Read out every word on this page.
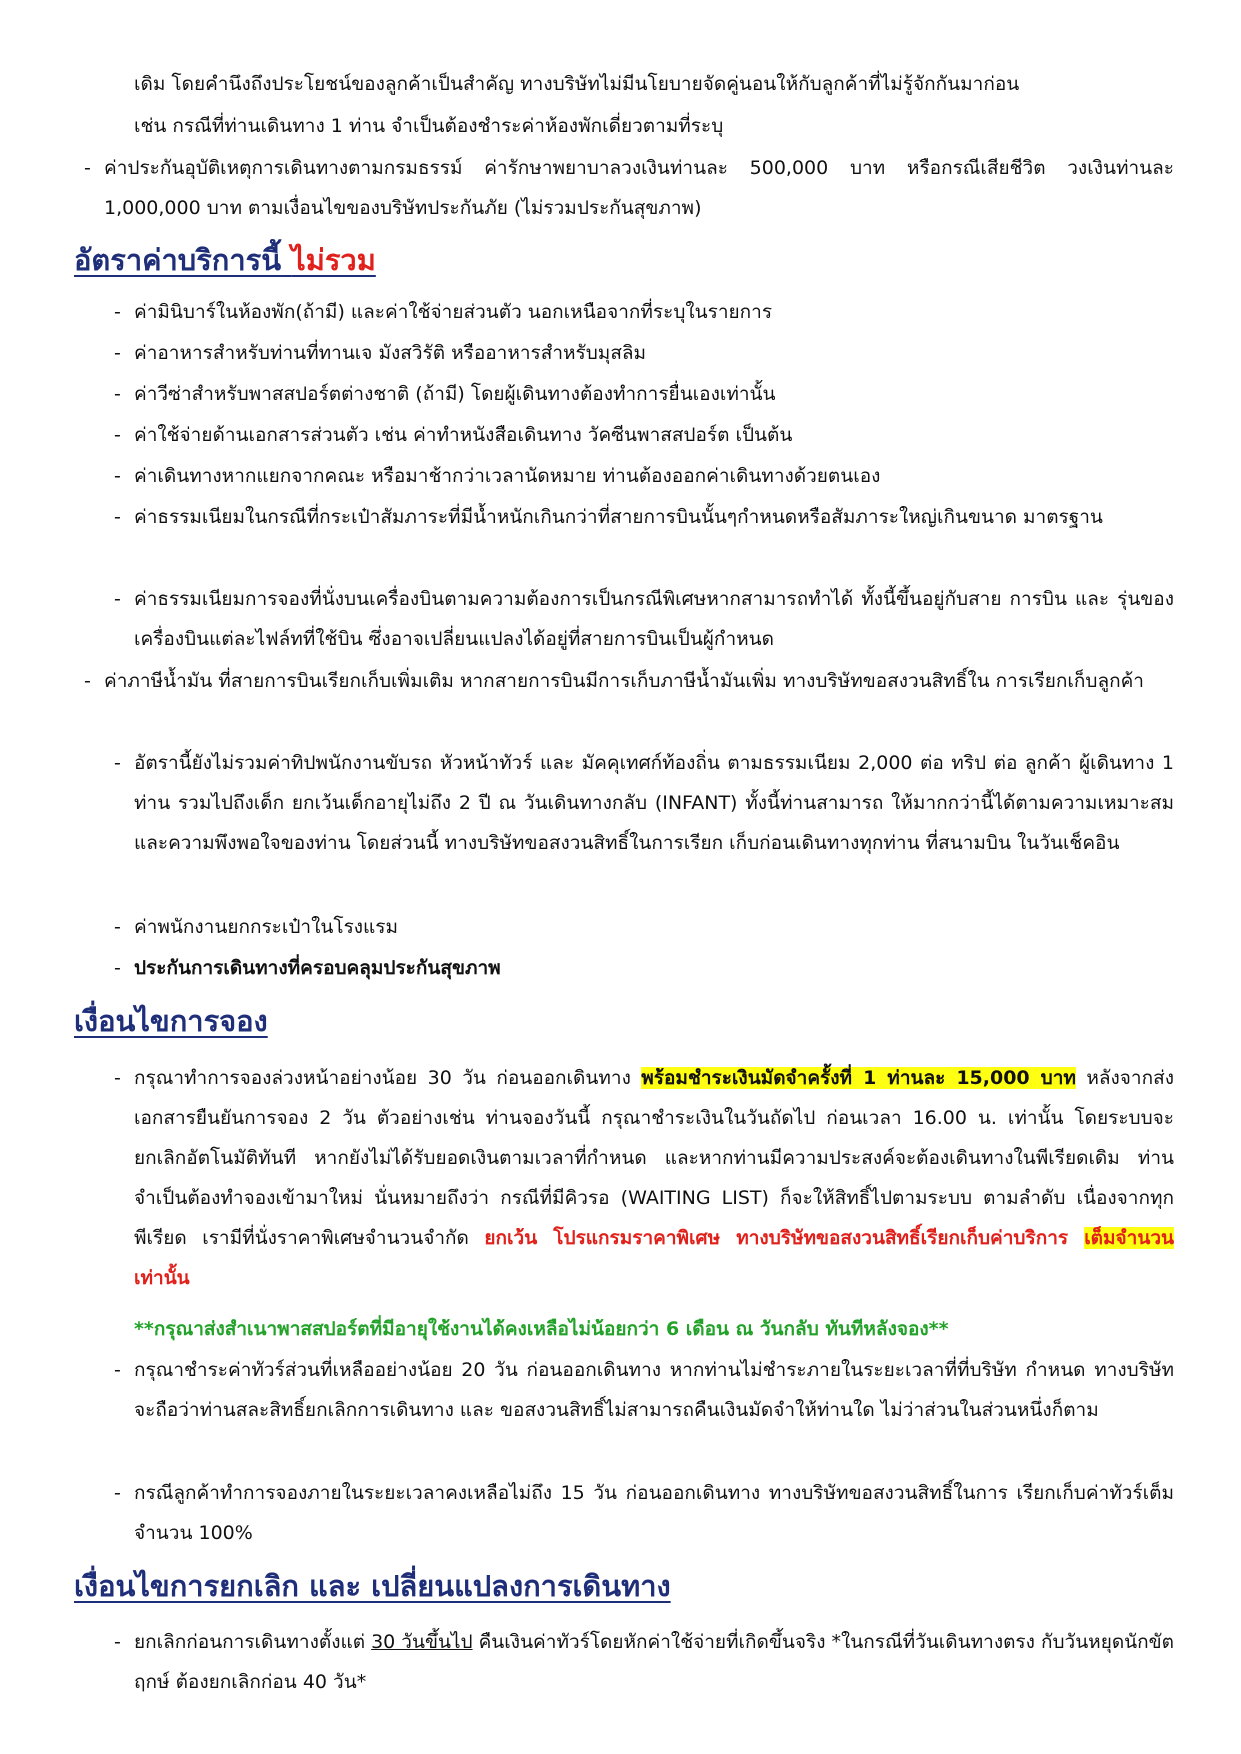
เดิม โดยคำนึงถึงประโยชน์ของลูกค้าเป็นสำคัญ ทางบริษัทไม่มีนโยบายจัดคู่นอนให้กับลูกค้าที่ไม่รู้จักกันมาก่อน
เช่น กรณีที่ท่านเดินทาง 1 ท่าน จำเป็นต้องชำระค่าห้องพักเดี่ยวตามที่ระบุ
- ค่าประกันอุบัติเหตุการเดินทางตามกรมธรรม์ ค่ารักษาพยาบาลวงเงินท่านละ 500,000 บาท หรือกรณีเสียชีวิต วงเงินท่านละ 1,000,000 บาท ตามเงื่อนไขของบริษัทประกันภัย (ไม่รวมประกันสุขภาพ)
อัตราค่าบริการนี้ ไม่รวม
- ค่ามินิบาร์ในห้องพัก(ถ้ามี) และค่าใช้จ่ายส่วนตัว นอกเหนือจากที่ระบุในรายการ
- ค่าอาหารสำหรับท่านที่ทานเจ มังสวิรัติ หรืออาหารสำหรับมุสลิม
- ค่าวีซ่าสำหรับพาสสปอร์ตต่างชาติ (ถ้ามี) โดยผู้เดินทางต้องทำการยื่นเองเท่านั้น
- ค่าใช้จ่ายด้านเอกสารส่วนตัว เช่น ค่าทำหนังสือเดินทาง วัคซีนพาสสปอร์ต เป็นต้น
- ค่าเดินทางหากแยกจากคณะ หรือมาช้ากว่าเวลานัดหมาย ท่านต้องออกค่าเดินทางด้วยตนเอง
- ค่าธรรมเนียมในกรณีที่กระเป๋าสัมภาระที่มีน้ำหนักเกินกว่าที่สายการบินนั้นๆกำหนดหรือสัมภาระใหญ่เกินขนาด มาตรฐาน
- ค่าธรรมเนียมการจองที่นั่งบนเครื่องบินตามความต้องการเป็นกรณีพิเศษหากสามารถทำได้ ทั้งนี้ขึ้นอยู่กับสาย การบิน และ รุ่นของเครื่องบินแต่ละไฟล์ทที่ใช้บิน ซึ่งอาจเปลี่ยนแปลงได้อยู่ที่สายการบินเป็นผู้กำหนด
- ค่าภาษีน้ำมัน ที่สายการบินเรียกเก็บเพิ่มเติม หากสายการบินมีการเก็บภาษีน้ำมันเพิ่ม ทางบริษัทขอสงวนสิทธิ์ใน การเรียกเก็บลูกค้า
- อัตรานี้ยังไม่รวมค่าทิปพนักงานขับรถ หัวหน้าทัวร์ และ มัคคุเทศก์ท้องถิ่น ตามธรรมเนียม 2,000 ต่อ ทริป ต่อ ลูกค้า ผู้เดินทาง 1 ท่าน รวมไปถึงเด็ก ยกเว้นเด็กอายุไม่ถึง 2 ปี ณ วันเดินทางกลับ (INFANT) ทั้งนี้ท่านสามารถ ให้มากกว่านี้ได้ตามความเหมาะสมและความพึงพอใจของท่าน โดยส่วนนี้ ทางบริษัทขอสงวนสิทธิ์ในการเรียก เก็บก่อนเดินทางทุกท่าน ที่สนามบิน ในวันเช็คอิน
- ค่าพนักงานยกกระเป๋าในโรงแรม
- ประกันการเดินทางที่ครอบคลุมประกันสุขภาพ
เงื่อนไขการจอง
- กรุณาทำการจองล่วงหน้าอย่างน้อย 30 วัน ก่อนออกเดินทาง พร้อมชำระเงินมัดจำครั้งที่ 1 ท่านละ 15,000 บาท หลังจากส่งเอกสารยืนยันการจอง 2 วัน ตัวอย่างเช่น ท่านจองวันนี้ กรุณาชำระเงินในวันถัดไป ก่อนเวลา 16.00 น. เท่านั้น โดยระบบจะยกเลิกอัตโนมัติทันที หากยังไม่ได้รับยอดเงินตามเวลาที่กำหนด และหากท่านมีความประสงค์จะต้องเดินทางในพีเรียดเดิม ท่านจำเป็นต้องทำจองเข้ามาใหม่ นั่นหมายถึงว่า กรณีที่มีคิวรอ (WAITING LIST) ก็จะให้สิทธิ์ไปตามระบบ ตามลำดับ เนื่องจากทุกพีเรียด เรามีที่นั่งราคาพิเศษจำนวนจำกัด ยกเว้น โปรแกรมราคาพิเศษ ทางบริษัทขอสงวนสิทธิ์เรียกเก็บค่าบริการ เต็มจำนวน เท่านั้น
**กรุณาส่งสำเนาพาสสปอร์ตที่มีอายุใช้งานได้คงเหลือไม่น้อยกว่า 6 เดือน ณ วันกลับ ทันทีหลังจอง**
- กรุณาชำระค่าทัวร์ส่วนที่เหลืออย่างน้อย 20 วัน ก่อนออกเดินทาง หากท่านไม่ชำระภายในระยะเวลาที่ที่บริษัท กำหนด ทางบริษัทจะถือว่าท่านสละสิทธิ์ยกเลิกการเดินทาง และ ขอสงวนสิทธิ์ไม่สามารถคืนเงินมัดจำให้ท่านใด ไม่ว่าส่วนในส่วนหนึ่งก็ตาม
- กรณีลูกค้าทำการจองภายในระยะเวลาคงเหลือไม่ถึง 15 วัน ก่อนออกเดินทาง ทางบริษัทขอสงวนสิทธิ์ในการ เรียกเก็บค่าทัวร์เต็มจำนวน 100%
เงื่อนไขการยกเลิก และ เปลี่ยนแปลงการเดินทาง
- ยกเลิกก่อนการเดินทางตั้งแต่ 30 วันขึ้นไป คืนเงินค่าทัวร์โดยหักค่าใช้จ่ายที่เกิดขึ้นจริง *ในกรณีที่วันเดินทางตรง กับวันหยุดนักขัตฤกษ์ ต้องยกเลิกก่อน 40 วัน*
